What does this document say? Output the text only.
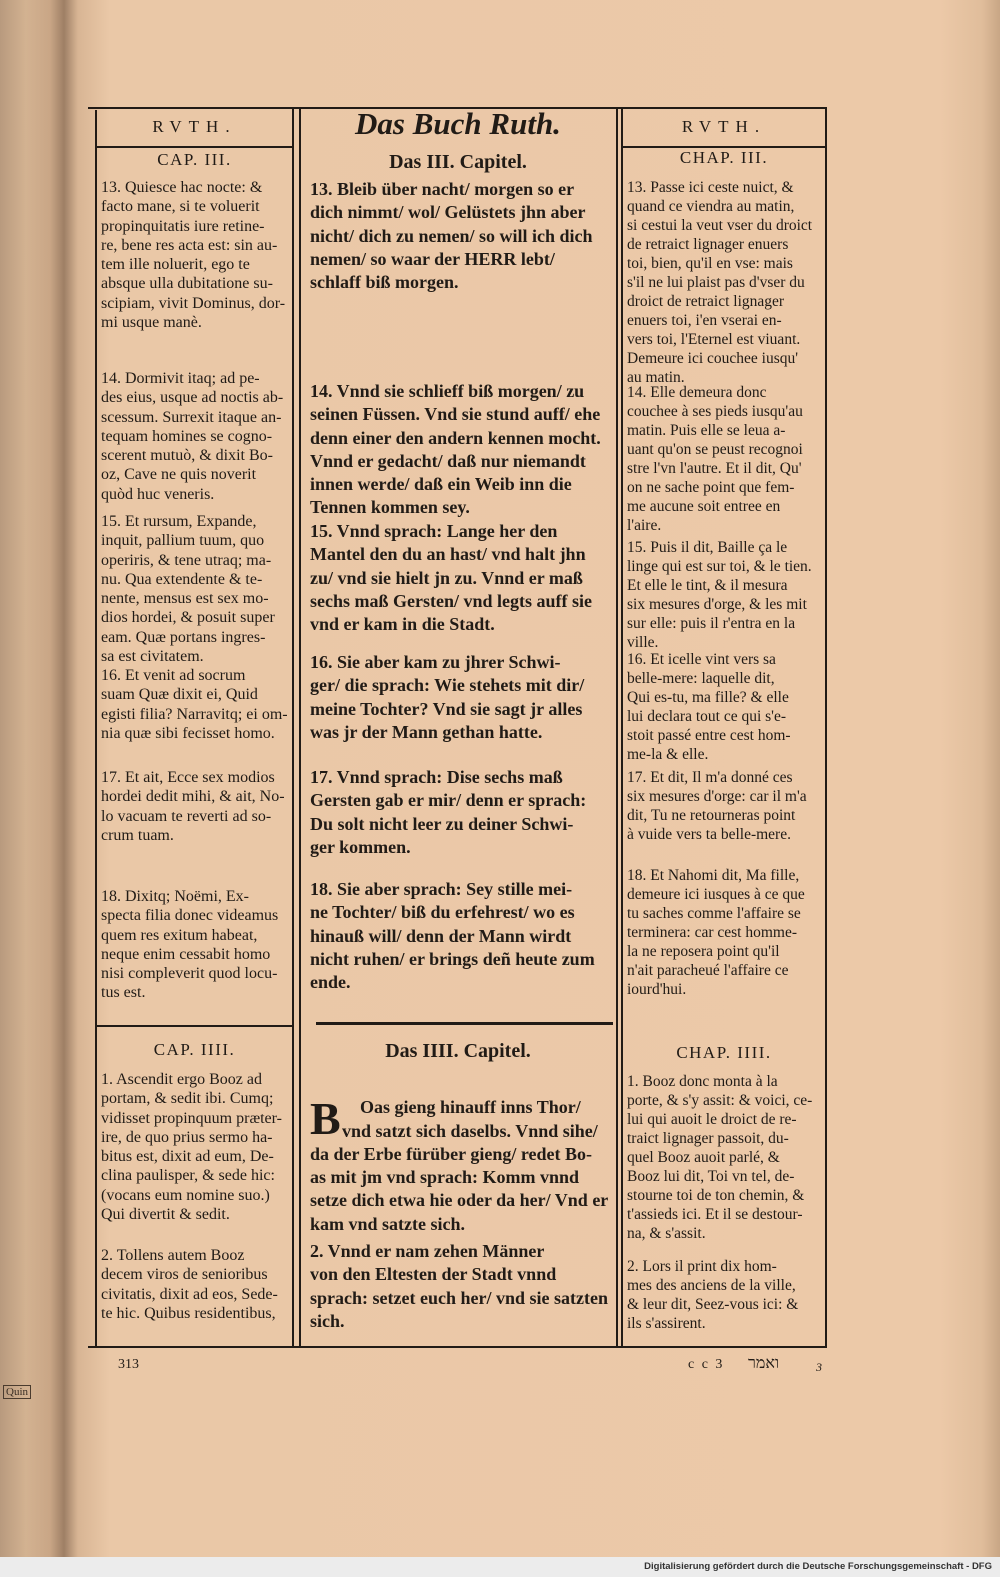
Quin
RVTH.	Das Buch Ruth.	RVTH.
CAP. III.
13. Quiesce hac nocte: &
facto mane, si te voluerit
propinquitatis iure retine-
re, bene res acta est: sin au-
tem ille noluerit, ego te
absque ulla dubitatione su-
scipiam, vivit Dominus, dor-
mi usque manè.
14. Dormivit itaq; ad pe-
des eius, usque ad noctis ab-
scessum. Surrexit itaque an-
tequam homines se cogno-
scerent mutuò, & dixit Bo-
oz, Cave ne quis noverit
quòd huc veneris.
15. Et rursum, Expande,
inquit, pallium tuum, quo
operiris, & tene utraq; ma-
nu. Qua extendente & te-
nente, mensus est sex mo-
dios hordei, & posuit super
eam. Quæ portans ingres-
sa est civitatem.
16. Et venit ad socrum
suam Quæ dixit ei, Quid
egisti filia? Narravitq; ei om-
nia quæ sibi fecisset homo.
17. Et ait, Ecce sex modios
hordei dedit mihi, & ait, No-
lo vacuam te reverti ad so-
crum tuam.
18. Dixitq; Noëmi, Ex-
specta filia donec videamus
quem res exitum habeat,
neque enim cessabit homo
nisi compleverit quod locu-
tus est.
CAP. IIII.
1. Ascendit ergo Booz ad
portam, & sedit ibi. Cumq;
vidisset propinquum præter-
ire, de quo prius sermo ha-
bitus est, dixit ad eum, De-
clina paulisper, & sede hic:
(vocans eum nomine suo.)
Qui divertit & sedit.
2. Tollens autem Booz
decem viros de senioribus
civitatis, dixit ad eos, Sede-
te hic. Quibus residentibus,
Das III. Capitel.
13. Bleib über nacht/ morgen so er
dich nimmt/ wol/ Gelüstets jhn aber
nicht/ dich zu nemen/ so will ich dich
nemen/ so waar der HERR lebt/
schlaff biß morgen.
14. Vnnd sie schlieff biß morgen/ zu
seinen Füssen. Vnd sie stund auff/ ehe
denn einer den andern kennen mocht.
Vnnd er gedacht/ daß nur niemandt
innen werde/ daß ein Weib inn die
Tennen kommen sey.
15. Vnnd sprach: Lange her den
Mantel den du an hast/ vnd halt jhn
zu/ vnd sie hielt jn zu. Vnnd er maß
sechs maß Gersten/ vnd legts auff sie
vnd er kam in die Stadt.
16. Sie aber kam zu jhrer Schwi-
ger/ die sprach: Wie stehets mit dir/
meine Tochter? Vnd sie sagt jr alles
was jr der Mann gethan hatte.
17. Vnnd sprach: Dise sechs maß
Gersten gab er mir/ denn er sprach:
Du solt nicht leer zu deiner Schwi-
ger kommen.
18. Sie aber sprach: Sey stille mei-
ne Tochter/ biß du erfehrest/ wo es
hinauß will/ denn der Mann wirdt
nicht ruhen/ er brings deñ heute zum
ende.
Das IIII. Capitel.

B Oas gieng hinauff inns Thor/
vnd satzt sich daselbs. Vnnd sihe/
da der Erbe fürüber gieng/ redet Bo-
as mit jm vnd sprach: Komm vnnd
setze dich etwa hie oder da her/ Vnd er
kam vnd satzte sich.

2. Vnnd er nam zehen Männer
von den Eltesten der Stadt vnnd
sprach: setzet euch her/ vnd sie satzten
sich.
CHAP. III.
13. Passe ici ceste nuict, &
quand ce viendra au matin,
si cestui la veut vser du droict
de retraict lignager enuers
toi, bien, qu'il en vse: mais
s'il ne lui plaist pas d'vser du
droict de retraict lignager
enuers toi, i'en vserai en-
vers toi, l'Eternel est viuant.
Demeure ici couchee iusqu'
au matin.
14. Elle demeura donc
couchee à ses pieds iusqu'au
matin. Puis elle se leua a-
uant qu'on se peust recognoi
stre l'vn l'autre. Et il dit, Qu'
on ne sache point que fem-
me aucune soit entree en
l'aire.
15. Puis il dit, Baille ça le
linge qui est sur toi, & le tien.
Et elle le tint, & il mesura
six mesures d'orge, & les mit
sur elle: puis il r'entra en la
ville.
16. Et icelle vint vers sa
belle-mere: laquelle dit,
Qui es-tu, ma fille? & elle
lui declara tout ce qui s'e-
stoit passé entre cest hom-
me-la & elle.
17. Et dit, Il m'a donné ces
six mesures d'orge: car il m'a
dit, Tu ne retourneras point
à vuide vers ta belle-mere.
18. Et Nahomi dit, Ma fille,
demeure ici iusques à ce que
tu saches comme l'affaire se
terminera: car cest homme-
la ne reposera point qu'il
n'ait paracheué l'affaire ce
iourd'hui.
CHAP. IIII.
1. Booz donc monta à la
porte, & s'y assit: & voici, ce-
lui qui auoit le droict de re-
traict lignager passoit, du-
quel Booz auoit parlé, &
Booz lui dit, Toi vn tel, de-
stourne toi de ton chemin, &
t'assieds ici. Et il se destour-
na, & s'assit.
2. Lors il print dix hom-
mes des anciens de la ville,
& leur dit, Seez-vous ici: &
ils s'assirent.
313	c c 3 ואמר	3
Digitalisierung gefördert durch die Deutsche Forschungsgemeinschaft - DFG
